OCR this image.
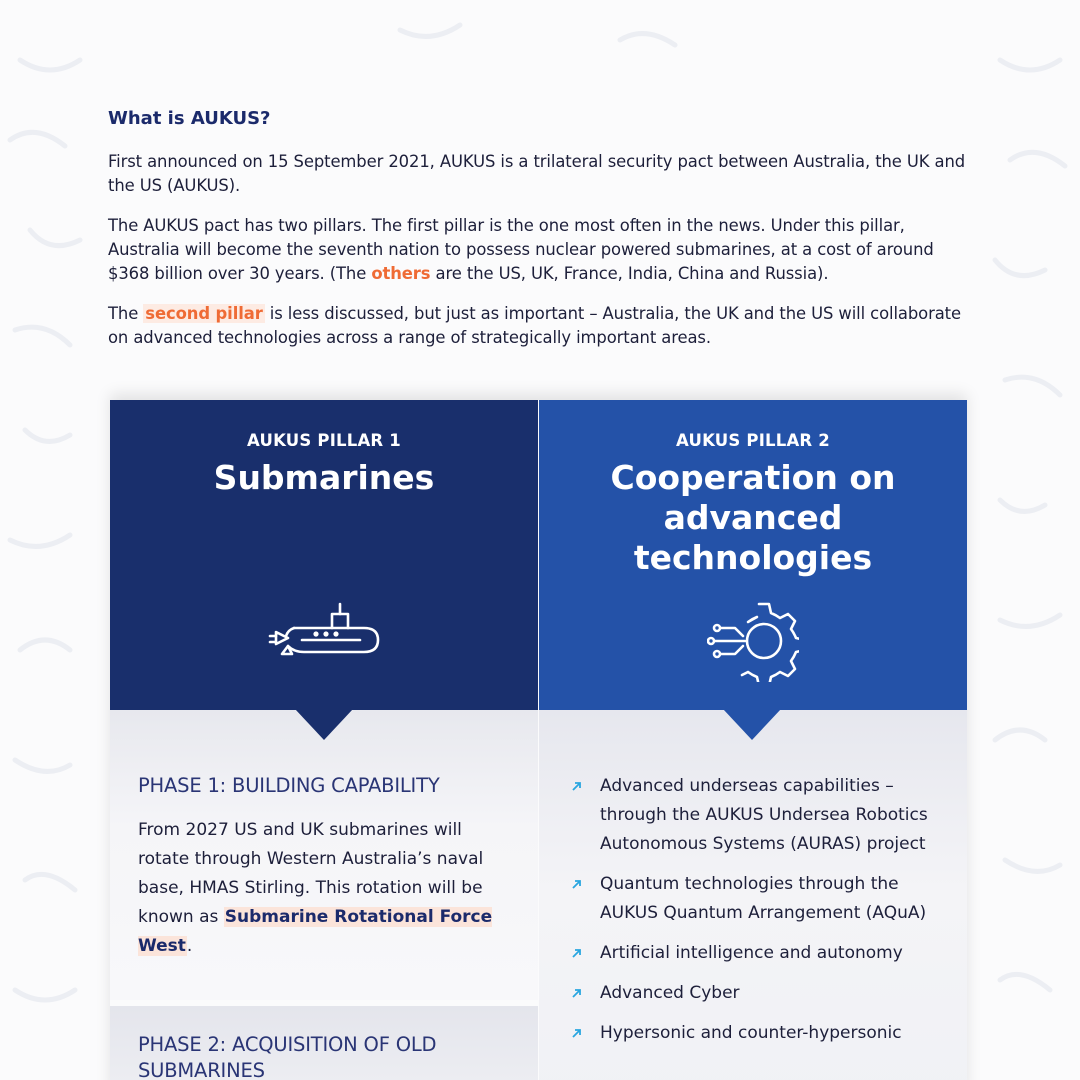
What is AUKUS?

First announced on 15 September 2021, AUKUS is a trilateral security pact between Australia, the UK and the US (AUKUS).

The AUKUS pact has two pillars. The first pillar is the one most often in the news. Under this pillar, Australia will become the seventh nation to possess nuclear powered submarines, at a cost of around $368 billion over 30 years. (The others are the US, UK, France, India, China and Russia).

The second pillar is less discussed, but just as important – Australia, the UK and the US will collaborate on advanced technologies across a range of strategically important areas.

AUKUS PILLAR 1
Submarines
PHASE 1: BUILDING CAPABILITY
From 2027 US and UK submarines will rotate through Western Australia’s naval base, HMAS Stirling. This rotation will be known as Submarine Rotational Force West.
PHASE 2: ACQUISITION OF OLD SUBMARINES
AUKUS PILLAR 2
Cooperation on advanced technologies
Advanced underseas capabilities – through the AUKUS Undersea Robotics Autonomous Systems (AURAS) project
Quantum technologies through the AUKUS Quantum Arrangement (AQuA)
Artificial intelligence and autonomy
Advanced Cyber
Hypersonic and counter-hypersonic
